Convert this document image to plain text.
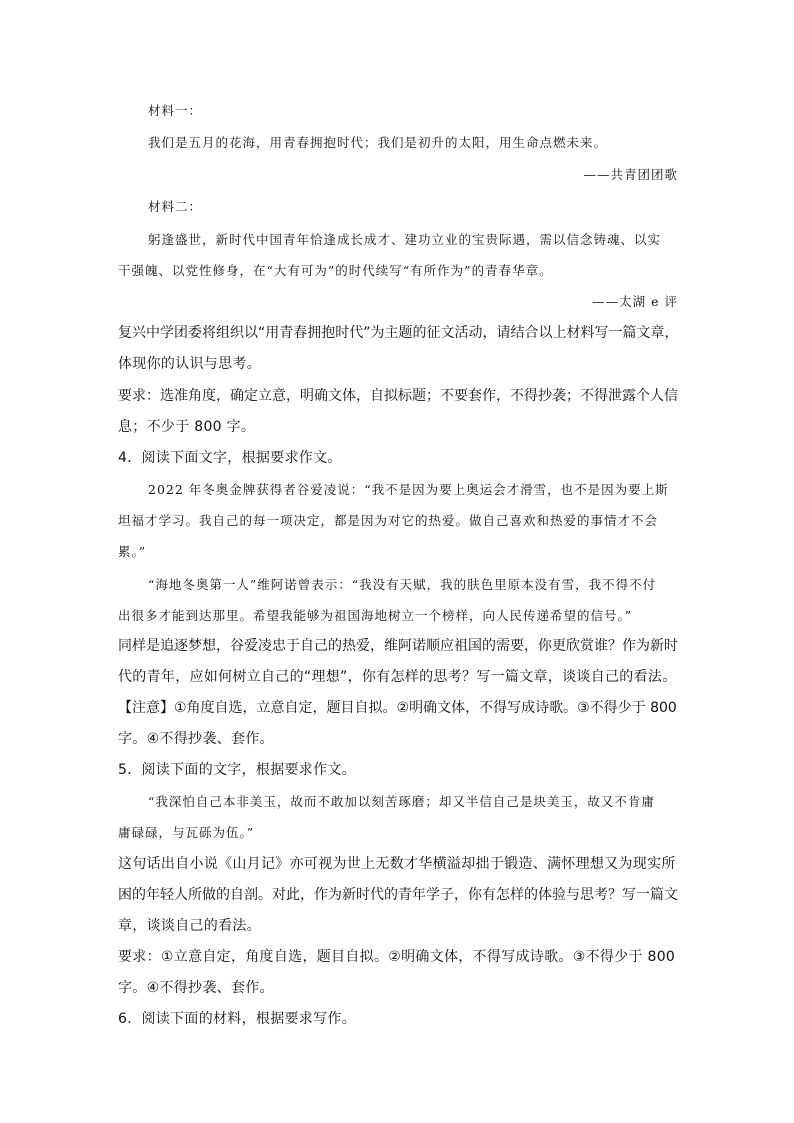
材料一：
我们是五月的花海，用青春拥抱时代；我们是初升的太阳，用生命点燃未来。
——共青团团歌
材料二：
躬逢盛世，新时代中国青年恰逢成长成才、建功立业的宝贵际遇，需以信念铸魂、以实
干强魄、以党性修身，在“大有可为”的时代续写“有所作为”的青春华章。
——太湖 e 评
复兴中学团委将组织以“用青春拥抱时代”为主题的征文活动，请结合以上材料写一篇文章，
体现你的认识与思考。
要求：选准角度，确定立意，明确文体，自拟标题；不要套作，不得抄袭；不得泄露个人信
息；不少于 800 字。
4．阅读下面文字，根据要求作文。
2022 年冬奥金牌获得者谷爱凌说：“我不是因为要上奥运会才滑雪，也不是因为要上斯
坦福才学习。我自己的每一项决定，都是因为对它的热爱。做自己喜欢和热爱的事情才不会
累。”
“海地冬奥第一人”维阿诺曾表示：“我没有天赋，我的肤色里原本没有雪，我不得不付
出很多才能到达那里。希望我能够为祖国海地树立一个榜样，向人民传递希望的信号。”
同样是追逐梦想，谷爱凌忠于自己的热爱，维阿诺顺应祖国的需要，你更欣赏谁？作为新时
代的青年，应如何树立自己的“理想”，你有怎样的思考？写一篇文章，谈谈自己的看法。
【注意】①角度自选，立意自定，题目自拟。②明确文体，不得写成诗歌。③不得少于 800
字。④不得抄袭、套作。
5．阅读下面的文字，根据要求作文。
“我深怕自己本非美玉，故而不敢加以刻苦琢磨；却又半信自己是块美玉，故又不肯庸
庸碌碌，与瓦砾为伍。”
这句话出自小说《山月记》亦可视为世上无数才华横溢却拙于锻造、满怀理想又为现实所
困的年轻人所做的自剖。对此，作为新时代的青年学子，你有怎样的体验与思考？写一篇文
章，谈谈自己的看法。
要求：①立意自定，角度自选，题目自拟。②明确文体，不得写成诗歌。③不得少于 800
字。④不得抄袭、套作。
6．阅读下面的材料，根据要求写作。
